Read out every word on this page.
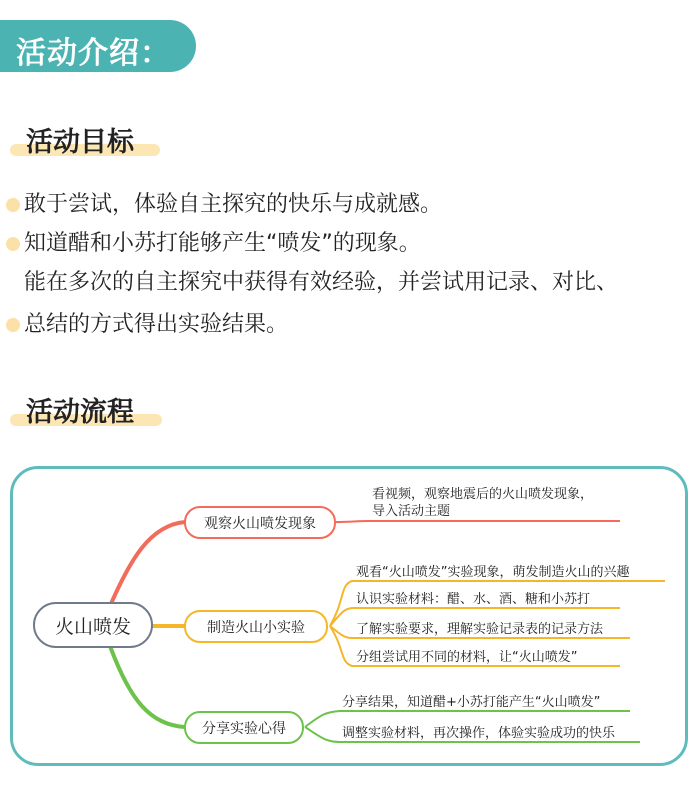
活动介绍：
活动目标
敢于尝试，体验自主探究的快乐与成就感。
知道醋和小苏打能够产生“喷发”的现象。
能在多次的自主探究中获得有效经验，并尝试用记录、对比、
总结的方式得出实验结果。
活动流程
火山喷发
观察火山喷发现象
制造火山小实验
分享实验心得
看视频，观察地震后的火山喷发现象，
导入活动主题
观看“火山喷发”实验现象，萌发制造火山的兴趣
认识实验材料：醋、水、酒、糖和小苏打
了解实验要求，理解实验记录表的记录方法
分组尝试用不同的材料，让“火山喷发”
分享结果，知道醋+小苏打能产生“火山喷发”
调整实验材料，再次操作，体验实验成功的快乐
